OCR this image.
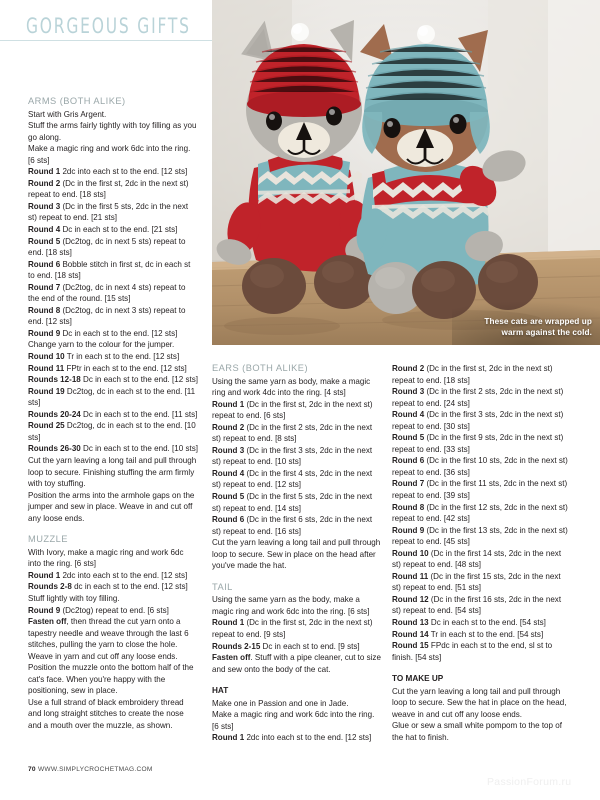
GORGEOUS GIFTS
These cats are wrapped up warm against the cold.
ARMS (BOTH ALIKE)

Start with Gris Argent.

Stuff the arms fairly tightly with toy filling as you go along.

Make a magic ring and work 6dc into the ring. [6 sts]

Round 1 2dc into each st to the end. [12 sts]

Round 2 (Dc in the first st, 2dc in the next st) repeat to end. [18 sts]

Round 3 (Dc in the first 5 sts, 2dc in the next st) repeat to end. [21 sts]

Round 4 Dc in each st to the end. [21 sts]

Round 5 (Dc2tog, dc in next 5 sts) repeat to end. [18 sts]

Round 6 Bobble stitch in first st, dc in each st to end. [18 sts]

Round 7 (Dc2tog, dc in next 4 sts) repeat to the end of the round. [15 sts]

Round 8 (Dc2tog, dc in next 3 sts) repeat to end. [12 sts]

Round 9 Dc in each st to the end. [12 sts]

Change yarn to the colour for the jumper.

Round 10 Tr in each st to the end. [12 sts]

Round 11 FPtr in each st to the end. [12 sts]

Rounds 12-18 Dc in each st to the end. [12 sts]

Round 19 Dc2tog, dc in each st to the end. [11 sts]

Rounds 20-24 Dc in each st to the end. [11 sts]

Round 25 Dc2tog, dc in each st to the end. [10 sts]

Rounds 26-30 Dc in each st to the end. [10 sts]

Cut the yarn leaving a long tail and pull through loop to secure. Finishing stuffing the arm firmly with toy stuffing.

Position the arms into the armhole gaps on the jumper and sew in place. Weave in and cut off any loose ends.

MUZZLE

With Ivory, make a magic ring and work 6dc into the ring. [6 sts]

Round 1 2dc into each st to the end. [12 sts]

Rounds 2-8 dc in each st to the end. [12 sts]

Stuff lightly with toy filling.

Round 9 (Dc2tog) repeat to end. [6 sts]

Fasten off, then thread the cut yarn onto a tapestry needle and weave through the last 6 stitches, pulling the yarn to close the hole. Weave in yarn and cut off any loose ends.

Position the muzzle onto the bottom half of the cat's face. When you're happy with the positioning, sew in place.

Use a full strand of black embroidery thread and long straight stitches to create the nose and a mouth over the muzzle, as shown.

EARS (BOTH ALIKE)

Using the same yarn as body, make a magic ring and work 4dc into the ring. [4 sts]

Round 1 (Dc in the first st, 2dc in the next st) repeat to end. [6 sts]

Round 2 (Dc in the first 2 sts, 2dc in the next st) repeat to end. [8 sts]

Round 3 (Dc in the first 3 sts, 2dc in the next st) repeat to end. [10 sts]

Round 4 (Dc in the first 4 sts, 2dc in the next st) repeat to end. [12 sts]

Round 5 (Dc in the first 5 sts, 2dc in the next st) repeat to end. [14 sts]

Round 6 (Dc in the first 6 sts, 2dc in the next st) repeat to end. [16 sts]

Cut the yarn leaving a long tail and pull through loop to secure. Sew in place on the head after you've made the hat.

TAIL

Using the same yarn as the body, make a magic ring and work 6dc into the ring. [6 sts]

Round 1 (Dc in the first st, 2dc in the next st) repeat to end. [9 sts]

Rounds 2-15 Dc in each st to end. [9 sts]

Fasten off. Stuff with a pipe cleaner, cut to size and sew onto the body of the cat.

HAT

Make one in Passion and one in Jade.

Make a magic ring and work 6dc into the ring. [6 sts]

Round 1 2dc into each st to the end. [12 sts]

Round 2 (Dc in the first st, 2dc in the next st) repeat to end. [18 sts]

Round 3 (Dc in the first 2 sts, 2dc in the next st) repeat to end. [24 sts]

Round 4 (Dc in the first 3 sts, 2dc in the next st) repeat to end. [30 sts]

Round 5 (Dc in the first 9 sts, 2dc in the next st) repeat to end. [33 sts]

Round 6 (Dc in the first 10 sts, 2dc in the next st) repeat to end. [36 sts]

Round 7 (Dc in the first 11 sts, 2dc in the next st) repeat to end. [39 sts]

Round 8 (Dc in the first 12 sts, 2dc in the next st) repeat to end. [42 sts]

Round 9 (Dc in the first 13 sts, 2dc in the next st) repeat to end. [45 sts]

Round 10 (Dc in the first 14 sts, 2dc in the next st) repeat to end. [48 sts]

Round 11 (Dc in the first 15 sts, 2dc in the next st) repeat to end. [51 sts]

Round 12 (Dc in the first 16 sts, 2dc in the next st) repeat to end. [54 sts]

Round 13 Dc in each st to the end. [54 sts]

Round 14 Tr in each st to the end. [54 sts]

Round 15 FPdc in each st to the end, sl st to finish. [54 sts]

TO MAKE UP

Cut the yarn leaving a long tail and pull through loop to secure. Sew the hat in place on the head, weave in and cut off any loose ends.

Glue or sew a small white pompom to the top of the hat to finish.

70 WWW.SIMPLYCROCHETMAG.COM
PassionForum.ru
